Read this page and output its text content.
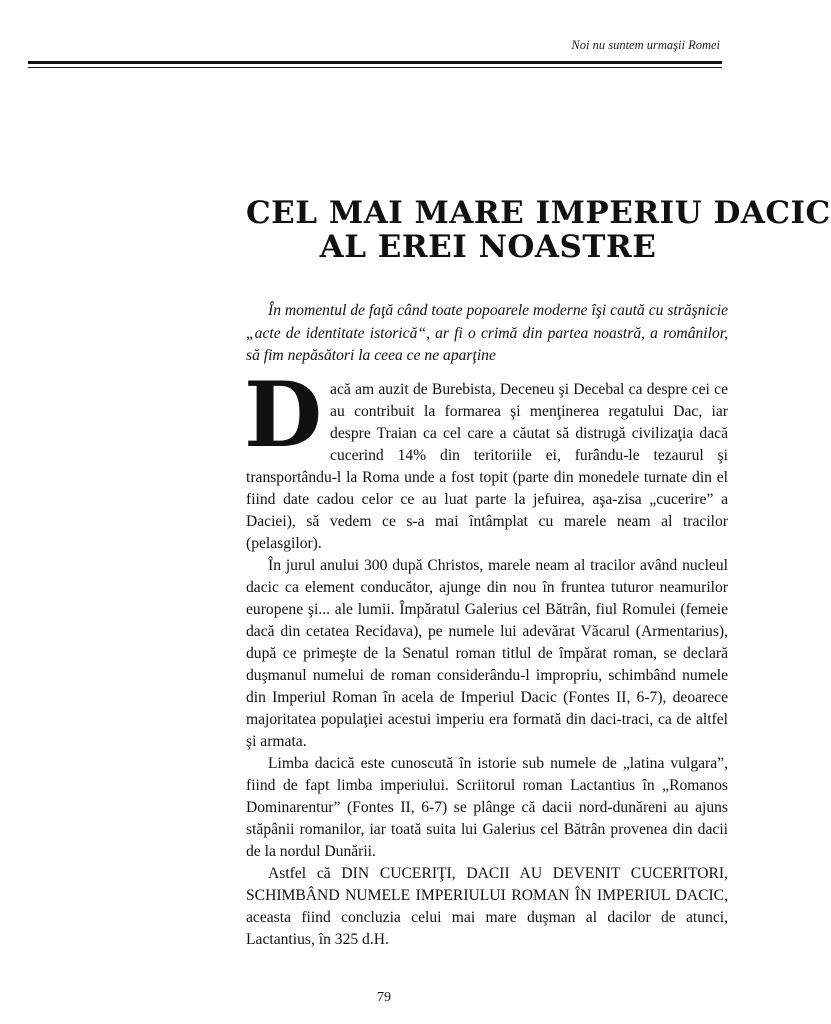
Noi nu suntem urmaşii Romei
CEL MAI MARE IMPERIU DACIC
AL EREI NOASTRE
În momentul de faţă când toate popoarele moderne îşi caută cu străşnicie „acte de identitate istorică“, ar fi o crimă din partea noastră, a românilor, să fim nepăsători la ceea ce ne aparţine

Dacă am auzit de Burebista, Deceneu şi Decebal ca despre cei ce au contribuit la formarea şi menţinerea regatului Dac, iar despre Traian ca cel care a căutat să distrugă civilizaţia dacă cucerind 14% din teritoriile ei, furându-le tezaurul şi transportându-l la Roma unde a fost topit (parte din monedele turnate din el fiind date cadou celor ce au luat parte la jefuirea, aşa-zisa „cucerire” a Daciei), să vedem ce s-a mai întâmplat cu marele neam al tracilor (pelasgilor).

În jurul anului 300 după Christos, marele neam al tracilor având nucleul dacic ca element conducător, ajunge din nou în fruntea tuturor neamurilor europene şi... ale lumii. Împăratul Galerius cel Bătrân, fiul Romulei (femeie dacă din cetatea Recidava), pe numele lui adevărat Văcarul (Armentarius), după ce primeşte de la Senatul roman titlul de împărat roman, se declară duşmanul numelui de roman considerându-l impropriu, schimbând numele din Imperiul Roman în acela de Imperiul Dacic (Fontes II, 6-7), deoarece majoritatea populaţiei acestui imperiu era formată din daci-traci, ca de altfel şi armata.

Limba dacică este cunoscută în istorie sub numele de „latina vulgara”, fiind de fapt limba imperiului. Scriitorul roman Lactantius în „Romanos Dominarentur” (Fontes II, 6-7) se plânge că dacii nord-dunăreni au ajuns stăpânii romanilor, iar toată suita lui Galerius cel Bătrân provenea din dacii de la nordul Dunării.

Astfel că DIN CUCERIŢI, DACII AU DEVENIT CUCERITORI, SCHIMBÂND NUMELE IMPERIULUI ROMAN ÎN IMPERIUL DACIC, aceasta fiind concluzia celui mai mare duşman al dacilor de atunci, Lactantius, în 325 d.H.

79
